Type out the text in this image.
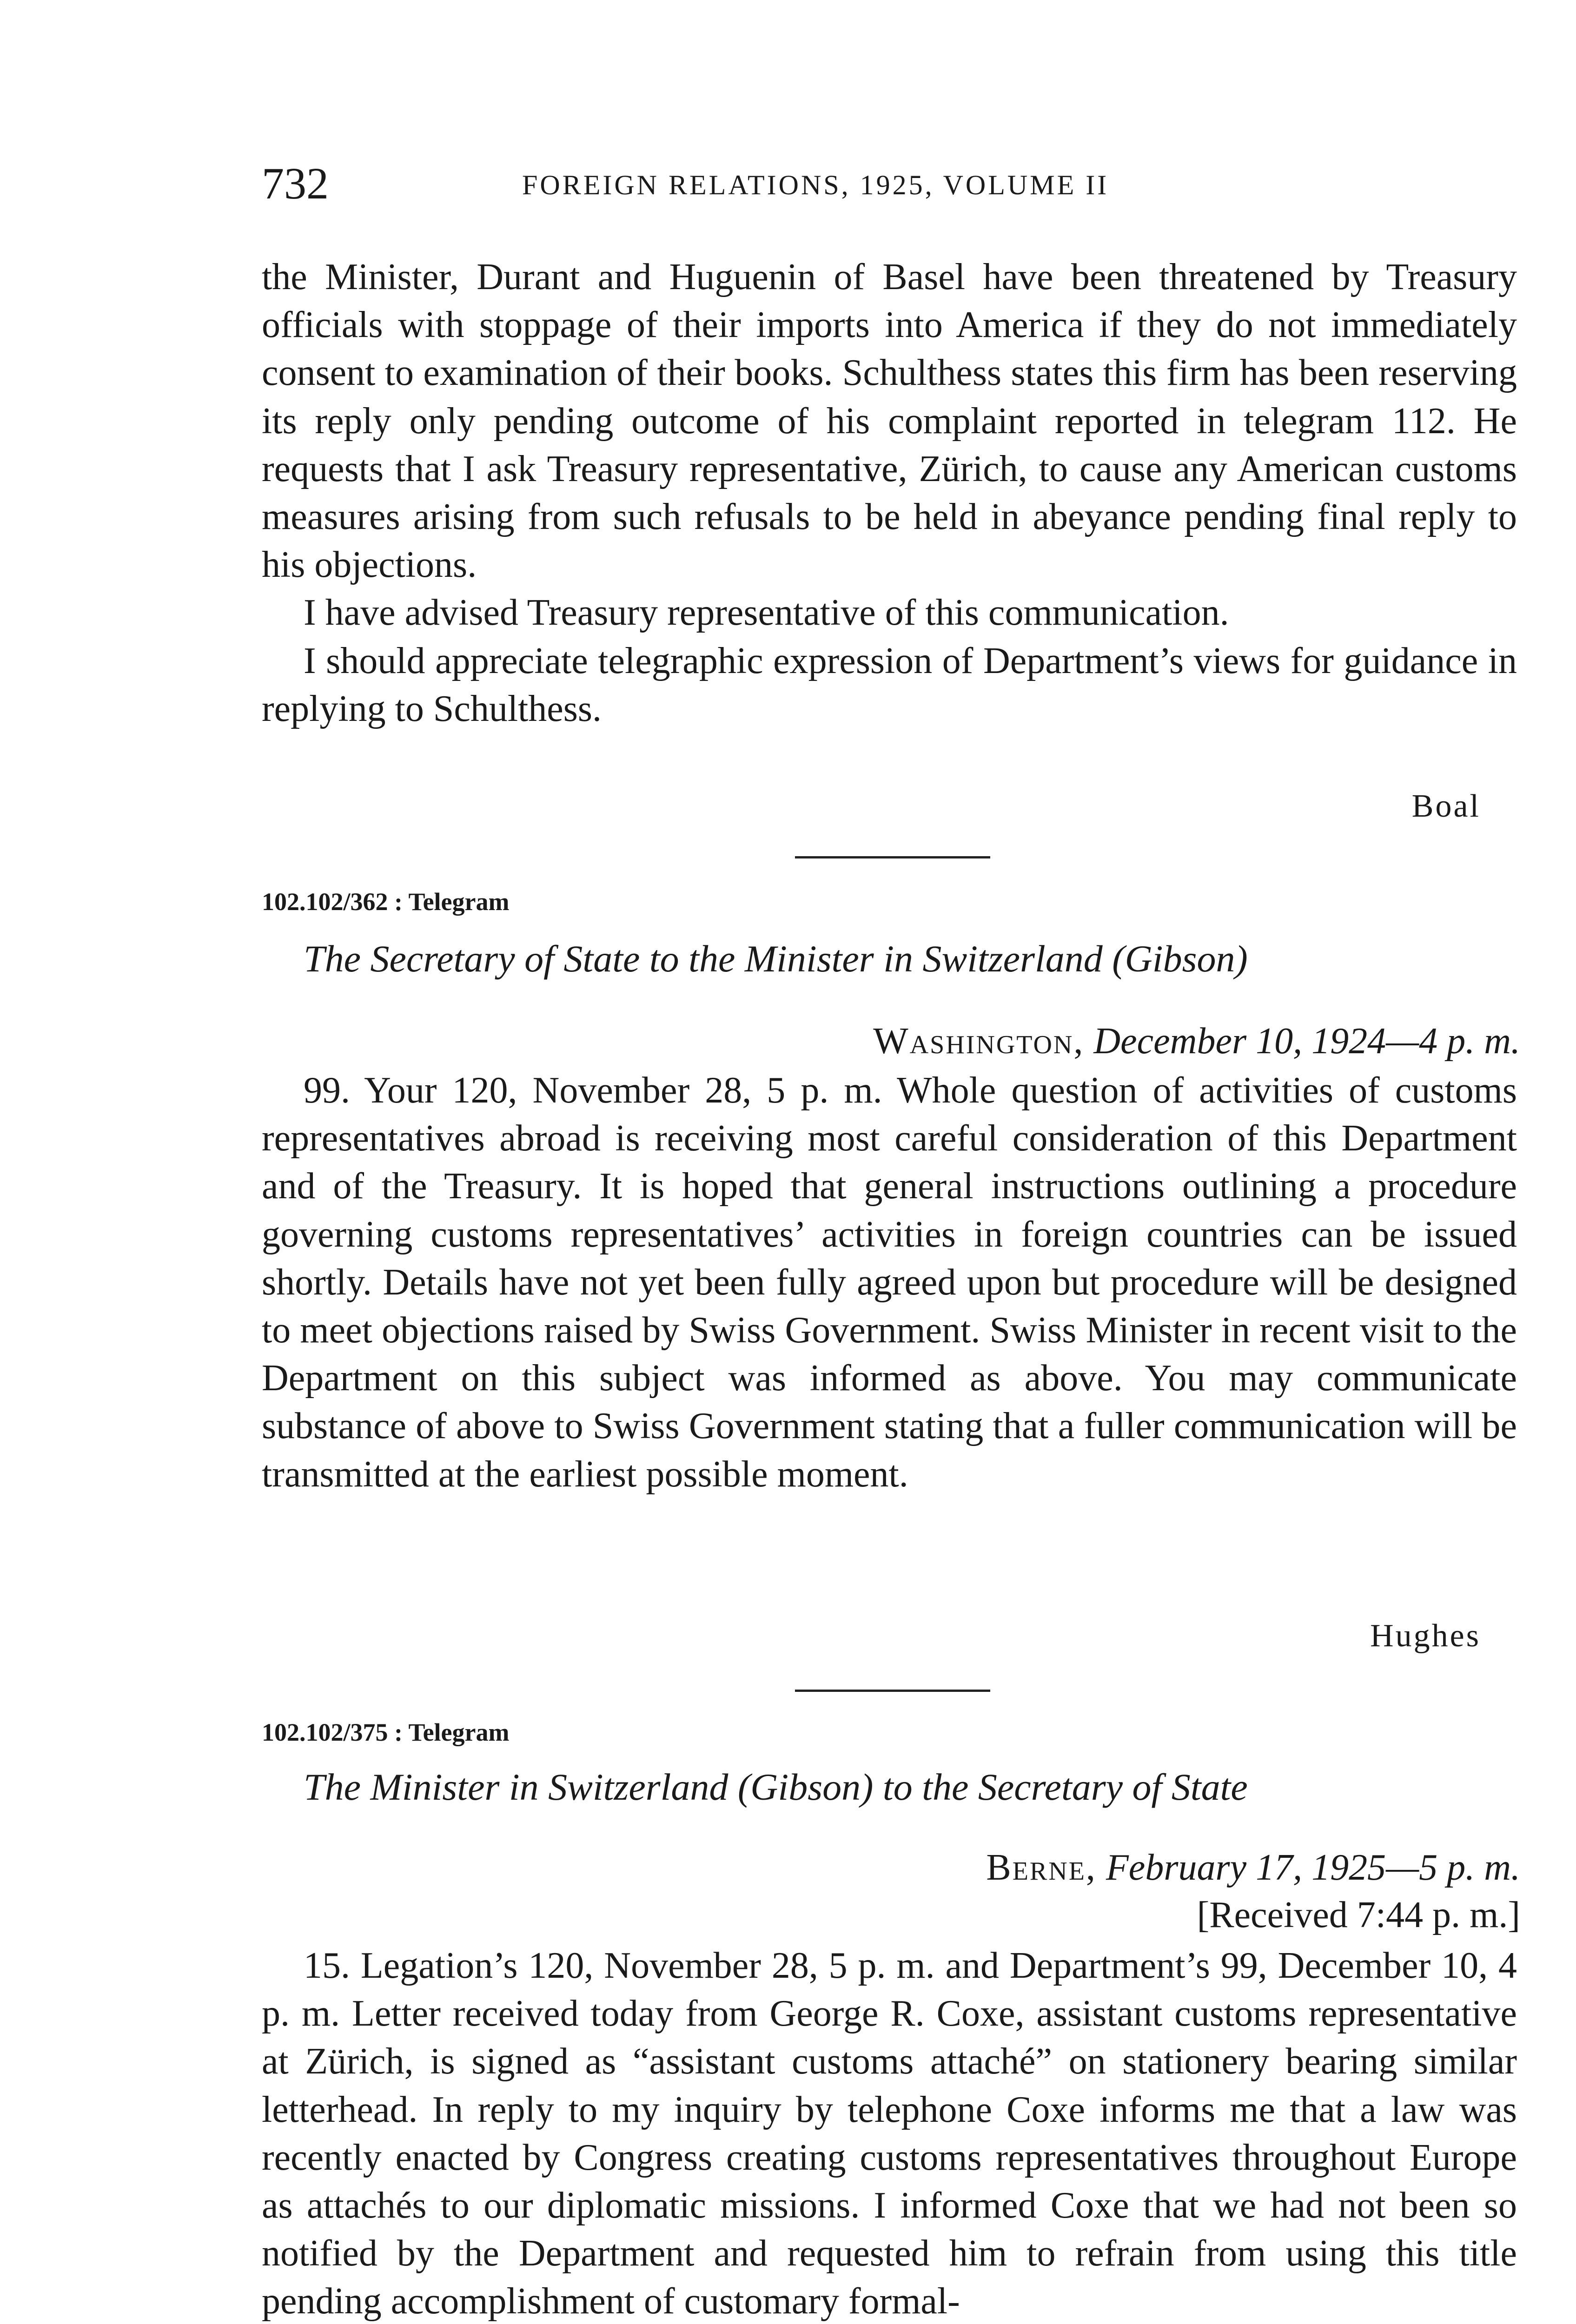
732	FOREIGN RELATIONS, 1925, VOLUME II

the Minister, Durant and Huguenin of Basel have been threatened by Treasury officials with stoppage of their imports into America if they do not immediately consent to examination of their books. Schulthess states this firm has been reserving its reply only pending outcome of his complaint reported in telegram 112. He requests that I ask Treasury representative, Zürich, to cause any American customs measures arising from such refusals to be held in abeyance pending final reply to his objections.

I have advised Treasury representative of this communication.

I should appreciate telegraphic expression of Department’s views for guidance in replying to Schulthess.

Boal
102.102/362 : Telegram
The Secretary of State to the Minister in Switzerland (Gibson)
Washington, December 10, 1924—4 p. m.

99. Your 120, November 28, 5 p. m. Whole question of activities of customs representatives abroad is receiving most careful consideration of this Department and of the Treasury. It is hoped that general instructions outlining a procedure governing customs representatives’ activities in foreign countries can be issued shortly. Details have not yet been fully agreed upon but procedure will be designed to meet objections raised by Swiss Government. Swiss Minister in recent visit to the Department on this subject was informed as above. You may communicate substance of above to Swiss Government stating that a fuller communication will be transmitted at the earliest possible moment.

Hughes
102.102/375 : Telegram
The Minister in Switzerland (Gibson) to the Secretary of State
Berne, February 17, 1925—5 p. m.
[Received 7:44 p. m.]

15. Legation’s 120, November 28, 5 p. m. and Department’s 99, December 10, 4 p. m. Letter received today from George R. Coxe, assistant customs representative at Zürich, is signed as “assistant customs attaché” on stationery bearing similar letterhead. In reply to my inquiry by telephone Coxe informs me that a law was recently enacted by Congress creating customs representatives throughout Europe as attachés to our diplomatic missions. I informed Coxe that we had not been so notified by the Department and requested him to refrain from using this title pending accomplishment of customary formal-
